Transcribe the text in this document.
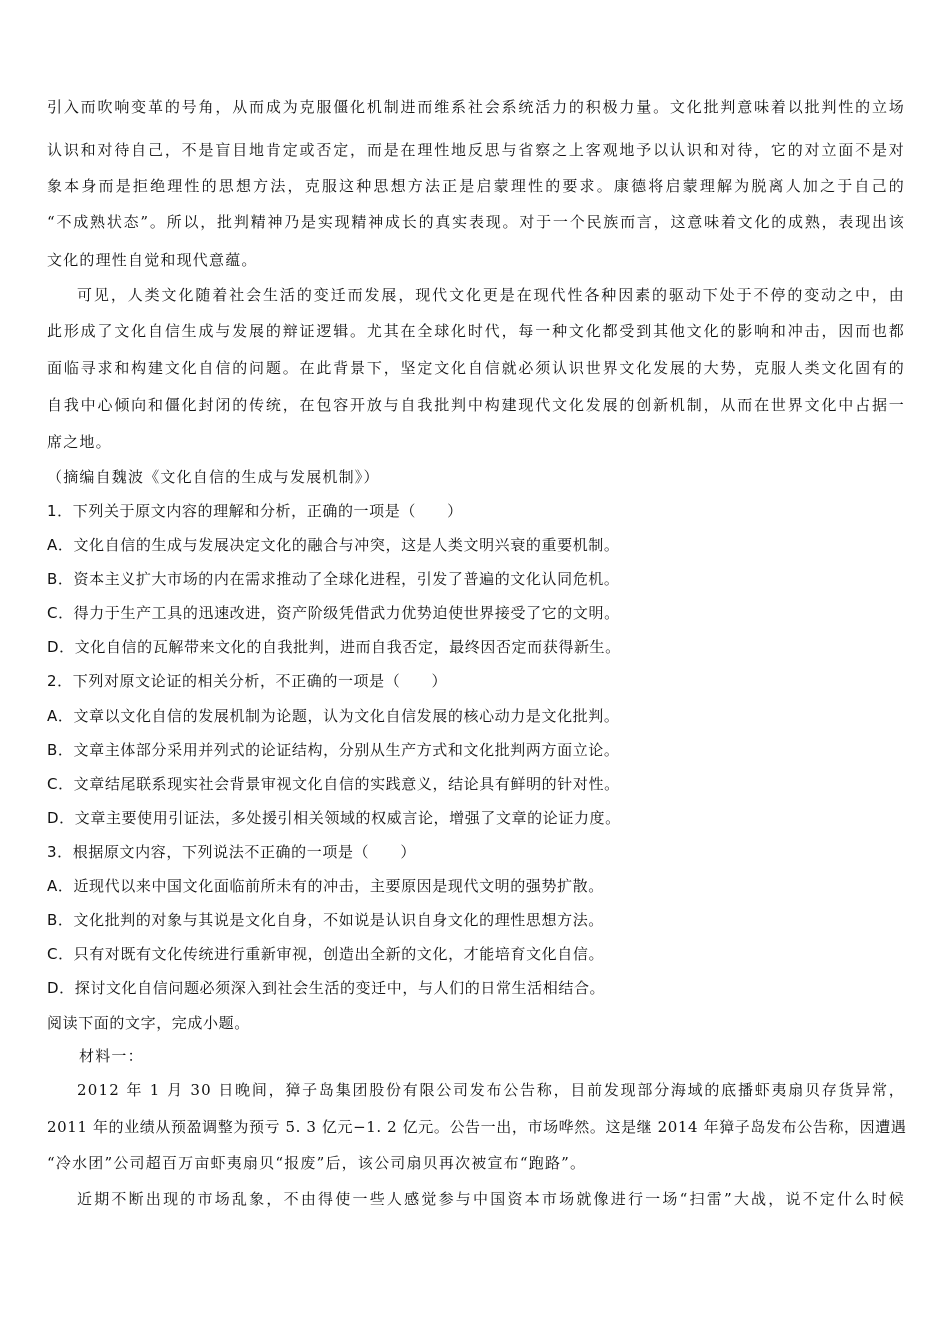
引入而吹响变革的号角，从而成为克服僵化机制进而维系社会系统活力的积极力量。文化批判意味着以批判性的立场
认识和对待自己，不是盲目地肯定或否定，而是在理性地反思与省察之上客观地予以认识和对待，它的对立面不是对
象本身而是拒绝理性的思想方法，克服这种思想方法正是启蒙理性的要求。康德将启蒙理解为脱离人加之于自己的
“不成熟状态”。所以，批判精神乃是实现精神成长的真实表现。对于一个民族而言，这意味着文化的成熟，表现出该
文化的理性自觉和现代意蕴。
可见，人类文化随着社会生活的变迁而发展，现代文化更是在现代性各种因素的驱动下处于不停的变动之中，由
此形成了文化自信生成与发展的辩证逻辑。尤其在全球化时代，每一种文化都受到其他文化的影响和冲击，因而也都
面临寻求和构建文化自信的问题。在此背景下，坚定文化自信就必须认识世界文化发展的大势，克服人类文化固有的
自我中心倾向和僵化封闭的传统，在包容开放与自我批判中构建现代文化发展的创新机制，从而在世界文化中占据一
席之地。
（摘编自魏波《文化自信的生成与发展机制》）
1．下列关于原文内容的理解和分析，正确的一项是（　　）
A．文化自信的生成与发展决定文化的融合与冲突，这是人类文明兴衰的重要机制。
B．资本主义扩大市场的内在需求推动了全球化进程，引发了普遍的文化认同危机。
C．得力于生产工具的迅速改进，资产阶级凭借武力优势迫使世界接受了它的文明。
D．文化自信的瓦解带来文化的自我批判，进而自我否定，最终因否定而获得新生。
2．下列对原文论证的相关分析，不正确的一项是（　　）
A．文章以文化自信的发展机制为论题，认为文化自信发展的核心动力是文化批判。
B．文章主体部分采用并列式的论证结构，分别从生产方式和文化批判两方面立论。
C．文章结尾联系现实社会背景审视文化自信的实践意义，结论具有鲜明的针对性。
D．文章主要使用引证法，多处援引相关领域的权威言论，增强了文章的论证力度。
3．根据原文内容，下列说法不正确的一项是（　　）
A．近现代以来中国文化面临前所未有的冲击，主要原因是现代文明的强势扩散。
B．文化批判的对象与其说是文化自身，不如说是认识自身文化的理性思想方法。
C．只有对既有文化传统进行重新审视，创造出全新的文化，才能培育文化自信。
D．探讨文化自信问题必须深入到社会生活的变迁中，与人们的日常生活相结合。
阅读下面的文字，完成小题。
材料一：
2012 年 1 月 30 日晚间，獐子岛集团股份有限公司发布公告称，目前发现部分海域的底播虾夷扇贝存货异常，
2011 年的业绩从预盈调整为预亏 5. 3 亿元−1. 2 亿元。公告一出，市场哗然。这是继 2014 年獐子岛发布公告称，因遭遇
“冷水团”公司超百万亩虾夷扇贝“报废”后，该公司扇贝再次被宣布“跑路”。
近期不断出现的市场乱象，不由得使一些人感觉参与中国资本市场就像进行一场“扫雷”大战，说不定什么时候
